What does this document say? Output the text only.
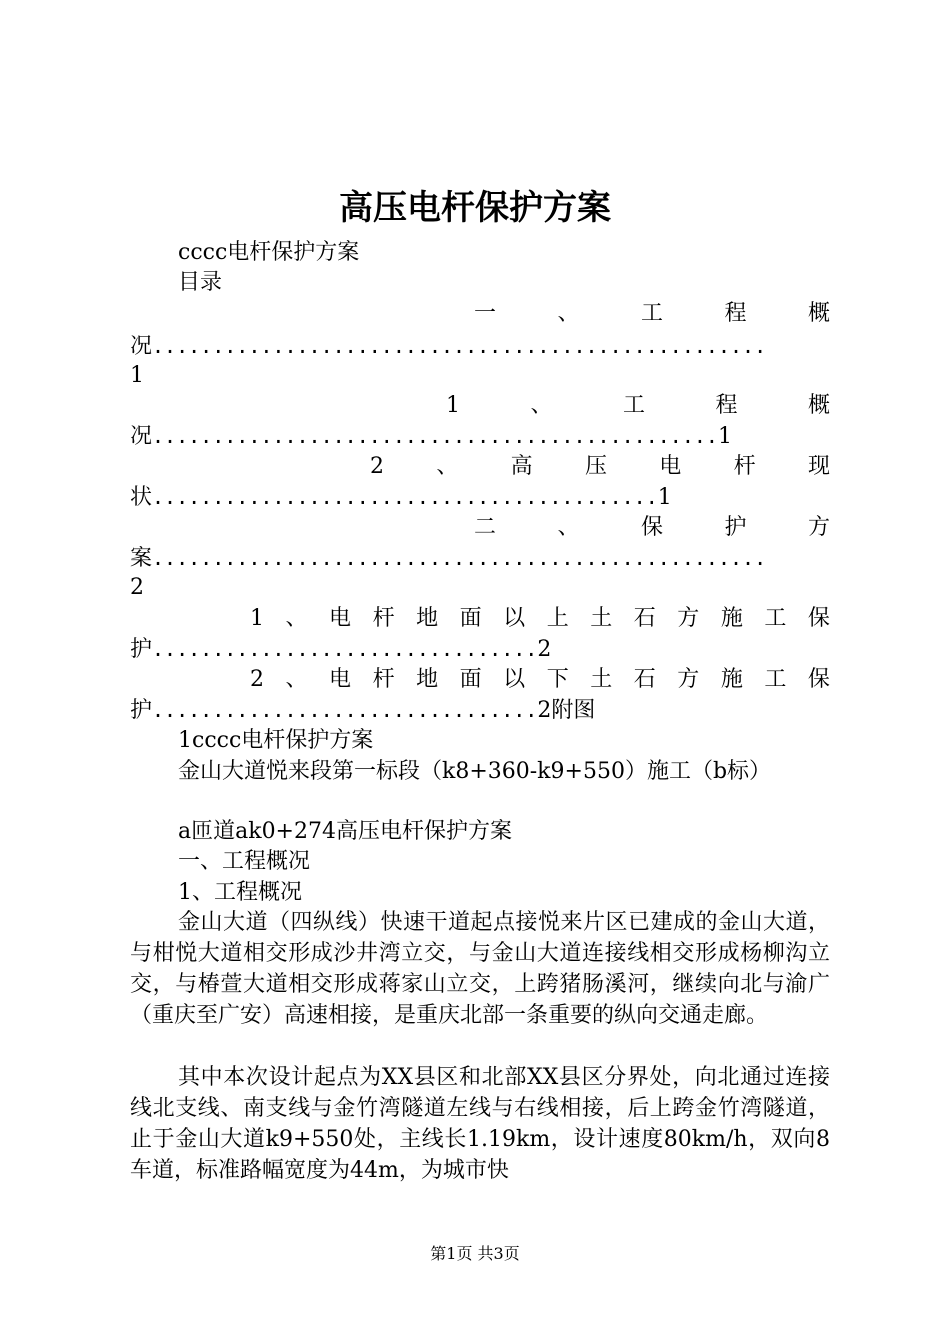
高压电杆保护方案
cccc电杆保护方案
目录
一	、	工	程	概
况...................................................
1
1	、	工	程	概
况...............................................1
2 、 高 压 电 杆 现
状..........................................1
二	、	保	护	方
案...................................................
2
1 、 电 杆 地 面 以 上 土 石 方 施 工 保
护................................2
2 、 电 杆 地 面 以 下 土 石 方 施 工 保
护................................2附图
1cccc电杆保护方案
金山大道悦来段第一标段（k8+360-k9+550）施工（b标）
a匝道ak0+274高压电杆保护方案
一、工程概况
1、工程概况

金山大道（四纵线）快速干道起点接悦来片区已建成的金山大道，与柑悦大道相交形成沙井湾立交，与金山大道连接线相交形成杨柳沟立交，与椿萱大道相交形成蒋家山立交，上跨猪肠溪河，继续向北与渝广（重庆至广安）高速相接，是重庆北部一条重要的纵向交通走廊。

其中本次设计起点为XX县区和北部XX县区分界处，向北通过连接线北支线、南支线与金竹湾隧道左线与右线相接，后上跨金竹湾隧道，止于金山大道k9+550处，主线长1.19km，设计速度80km/h，双向8车道，标准路幅宽度为44m，为城市快

第1页 共3页
